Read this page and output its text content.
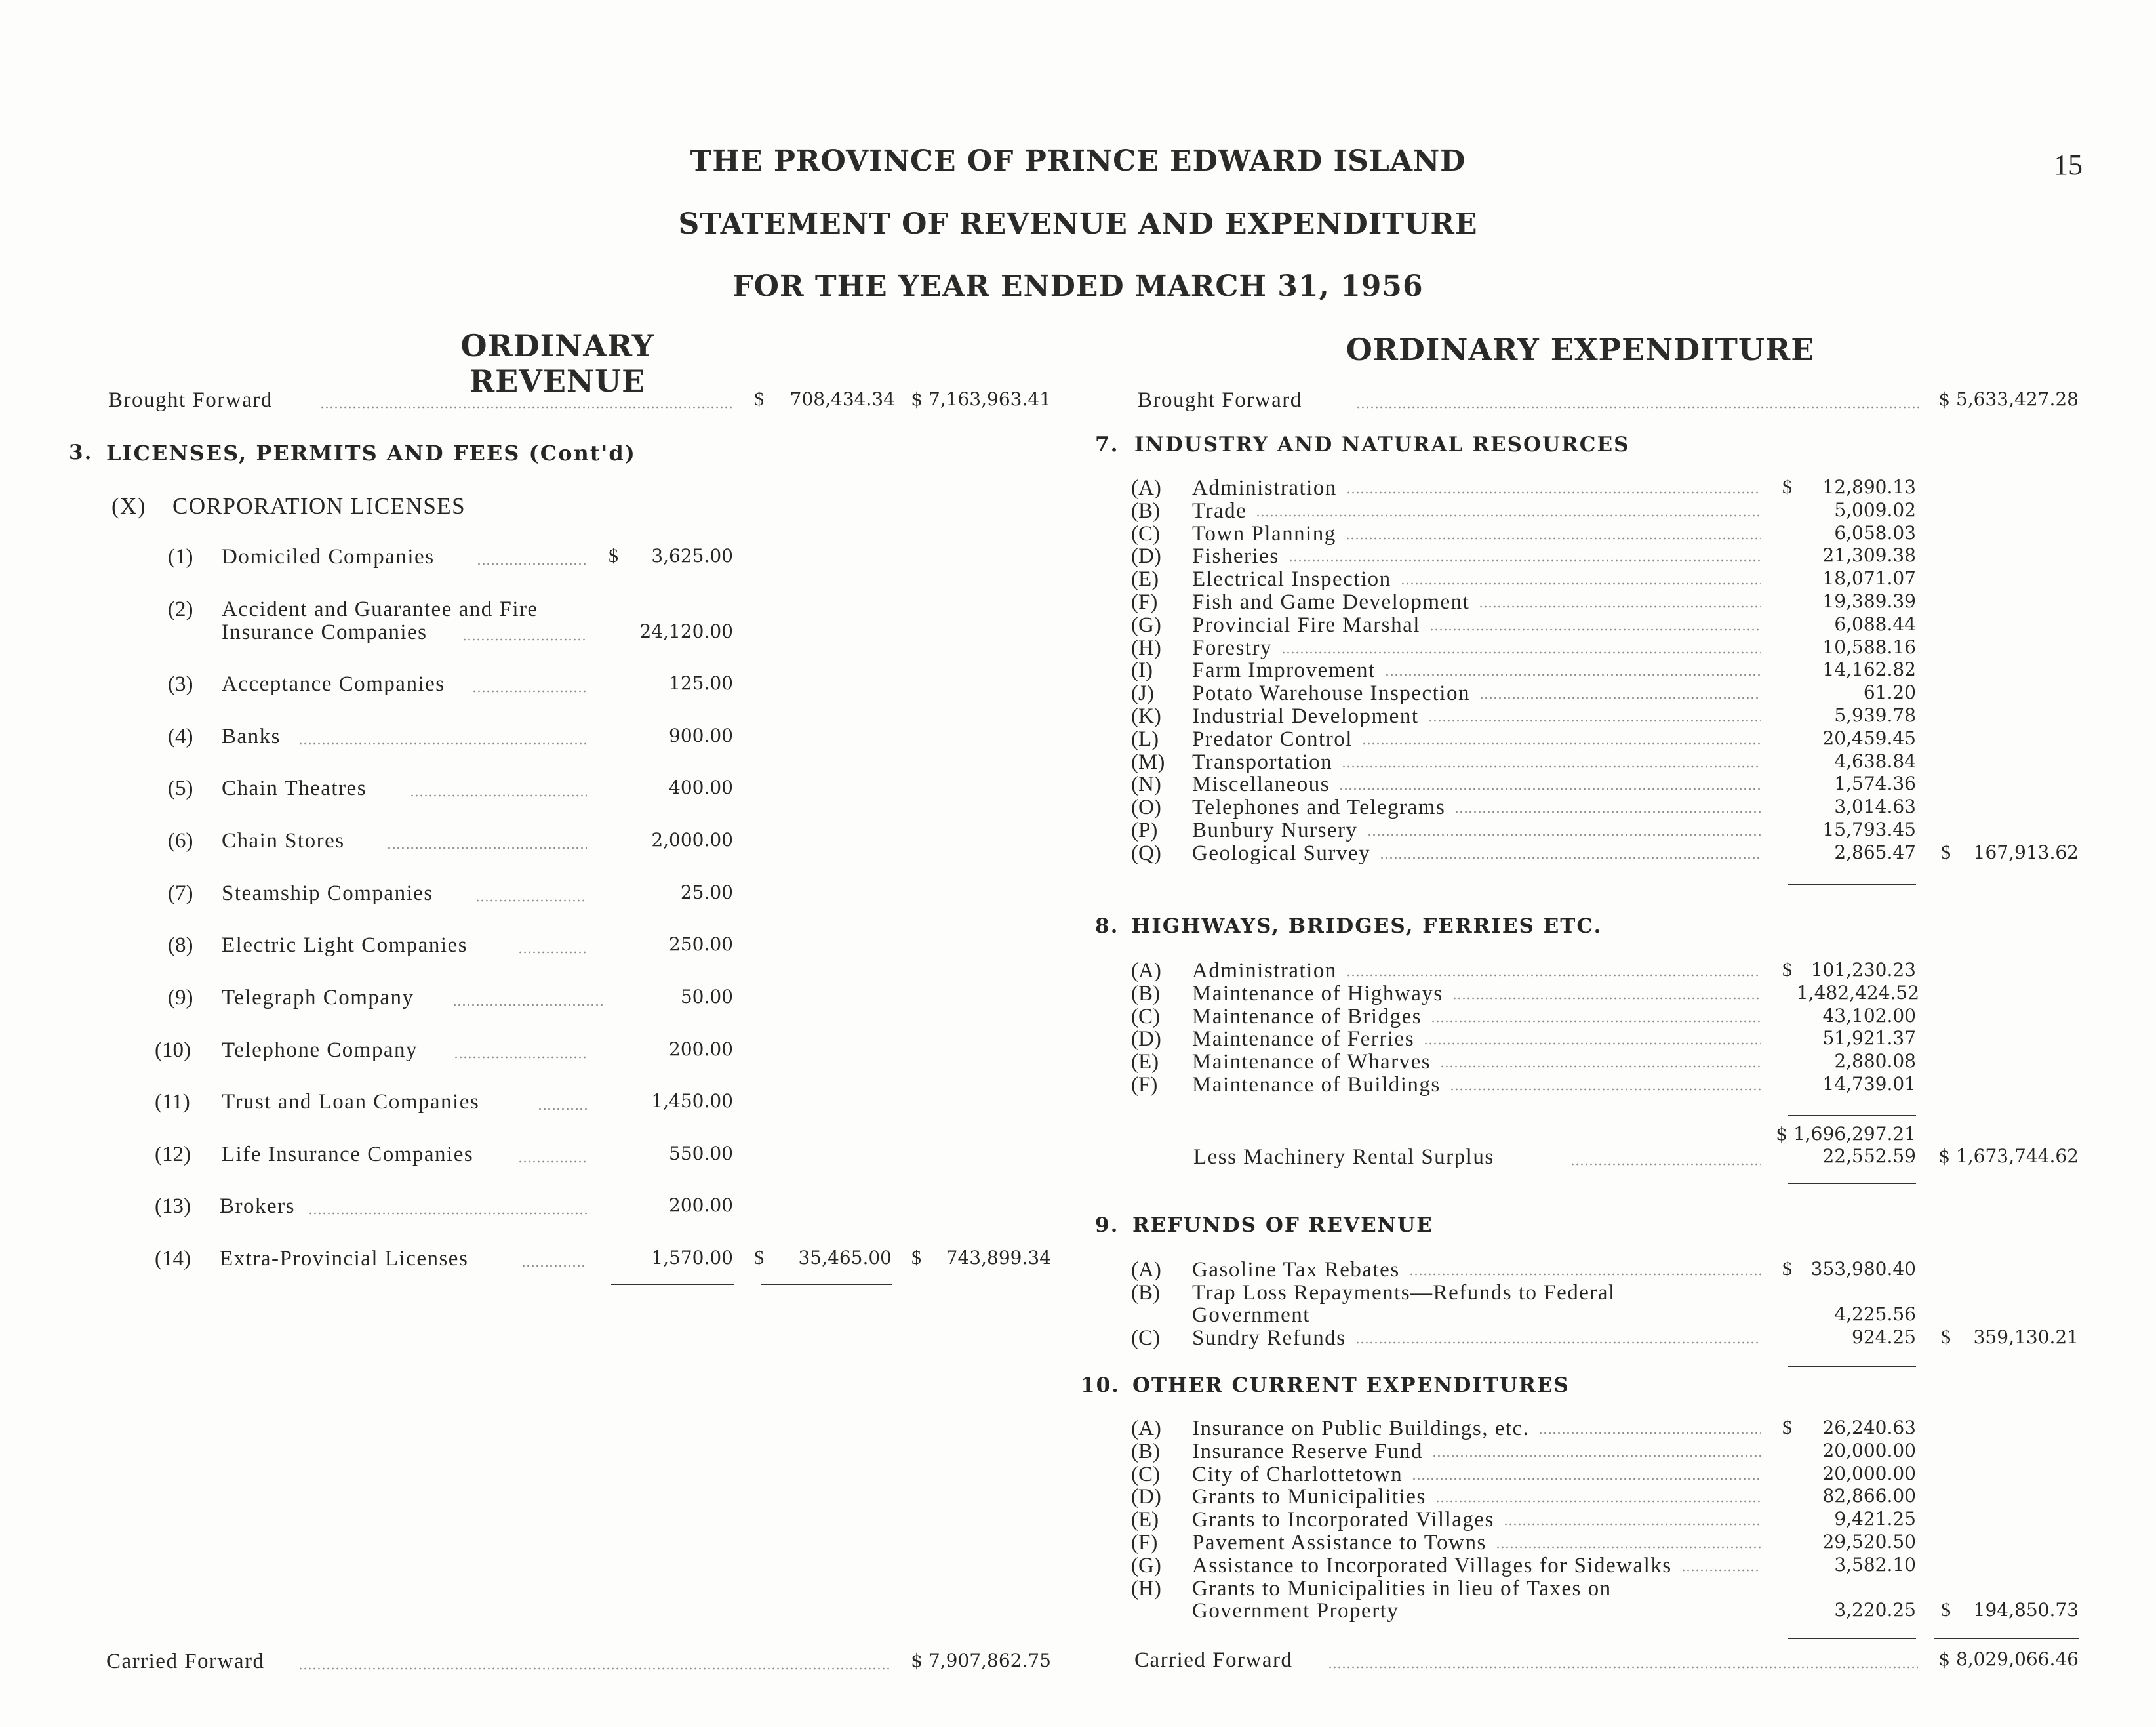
THE PROVINCE OF PRINCE EDWARD ISLAND
STATEMENT OF REVENUE AND EXPENDITURE
FOR THE YEAR ENDED MARCH 31, 1956
15
ORDINARY REVENUE
Brought Forward	$	708,434.34 $ 7,163,963.41
3. LICENSES, PERMITS AND FEES (Cont'd)
(X) CORPORATION LICENSES
(1) Domiciled Companies	$	3,625.00
(2) Accident and Guarantee and Fire
Insurance Companies	24,120.00
(3) Acceptance Companies	125.00
(4) Banks	900.00
(5) Chain Theatres	400.00
(6) Chain Stores	2,000.00
(7) Steamship Companies	25.00
(8) Electric Light Companies	250.00
(9) Telegraph Company	50.00
(10) Telephone Company	200.00
(11) Trust and Loan Companies	1,450.00
(12) Life Insurance Companies	550.00
(13) Brokers	200.00
(14) Extra-Provincial Licenses	1,570.00 $	35,465.00 $	743,899.34
Carried Forward	$ 7,907,862.75
ORDINARY EXPENDITURE
Brought Forward	$ 5,633,427.28
7. INDUSTRY AND NATURAL RESOURCES
(A) Administration	$	12,890.13
(B) Trade	5,009.02
(C) Town Planning	6,058.03
(D) Fisheries	21,309.38
(E) Electrical Inspection	18,071.07
(F) Fish and Game Development	19,389.39
(G) Provincial Fire Marshal	6,088.44
(H) Forestry	10,588.16
(I) Farm Improvement	14,162.82
(J) Potato Warehouse Inspection	61.20
(K) Industrial Development	5,939.78
(L) Predator Control	20,459.45
(M) Transportation	4,638.84
(N) Miscellaneous	1,574.36
(O) Telephones and Telegrams	3,014.63
(P) Bunbury Nursery	15,793.45
(Q) Geological Survey	2,865.47 $	167,913.62
8. HIGHWAYS, BRIDGES, FERRIES ETC.
(A) Administration	$	101,230.23
(B) Maintenance of Highways	1,482,424.52
(C) Maintenance of Bridges	43,102.00
(D) Maintenance of Ferries	51,921.37
(E) Maintenance of Wharves	2,880.08
(F) Maintenance of Buildings	14,739.01
$ 1,696,297.21
Less Machinery Rental Surplus	22,552.59	$ 1,673,744.62
9. REFUNDS OF REVENUE
(A) Gasoline Tax Rebates	$	353,980.40
(B) Trap Loss Repayments—Refunds to Federal
Government	4,225.56
(C) Sundry Refunds	924.25 $	359,130.21
10. OTHER CURRENT EXPENDITURES
(A) Insurance on Public Buildings, etc.	$	26,240.63
(B) Insurance Reserve Fund	20,000.00
(C) City of Charlottetown	20,000.00
(D) Grants to Municipalities	82,866.00
(E) Grants to Incorporated Villages	9,421.25
(F) Pavement Assistance to Towns	29,520.50
(G) Assistance to Incorporated Villages for Sidewalks	3,582.10
(H) Grants to Municipalities in lieu of Taxes on
Government Property	3,220.25 $	194,850.73
Carried Forward	$ 8,029,066.46
